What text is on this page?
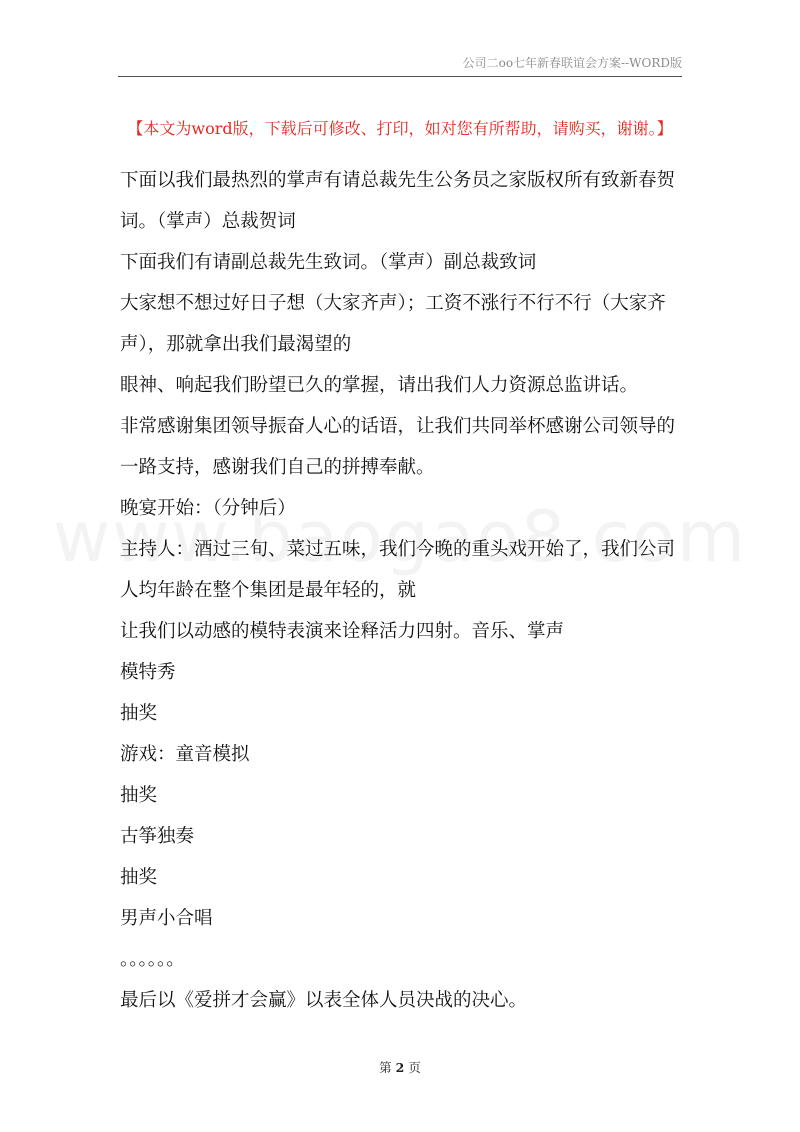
公司二oo七年新春联谊会方案--WORD版
【本文为word版，下载后可修改、打印，如对您有所帮助，请购买，谢谢。】

下面以我们最热烈的掌声有请总裁先生公务员之家版权所有致新春贺词。（掌声）总裁贺词

下面我们有请副总裁先生致词。（掌声）副总裁致词

大家想不想过好日子想（大家齐声）；工资不涨行不行不行（大家齐声），那就拿出我们最渴望的

眼神、响起我们盼望已久的掌握，请出我们人力资源总监讲话。

非常感谢集团领导振奋人心的话语，让我们共同举杯感谢公司领导的一路支持，感谢我们自己的拼搏奉献。

晚宴开始：（分钟后）

主持人：酒过三旬、菜过五味，我们今晚的重头戏开始了，我们公司人均年龄在整个集团是最年轻的，就

让我们以动感的模特表演来诠释活力四射。音乐、掌声

模特秀

抽奖

游戏：童音模拟

抽奖

古筝独奏

抽奖

男声小合唱

。。。。。。

最后以《爱拼才会赢》以表全体人员决战的决心。

第 2 页
